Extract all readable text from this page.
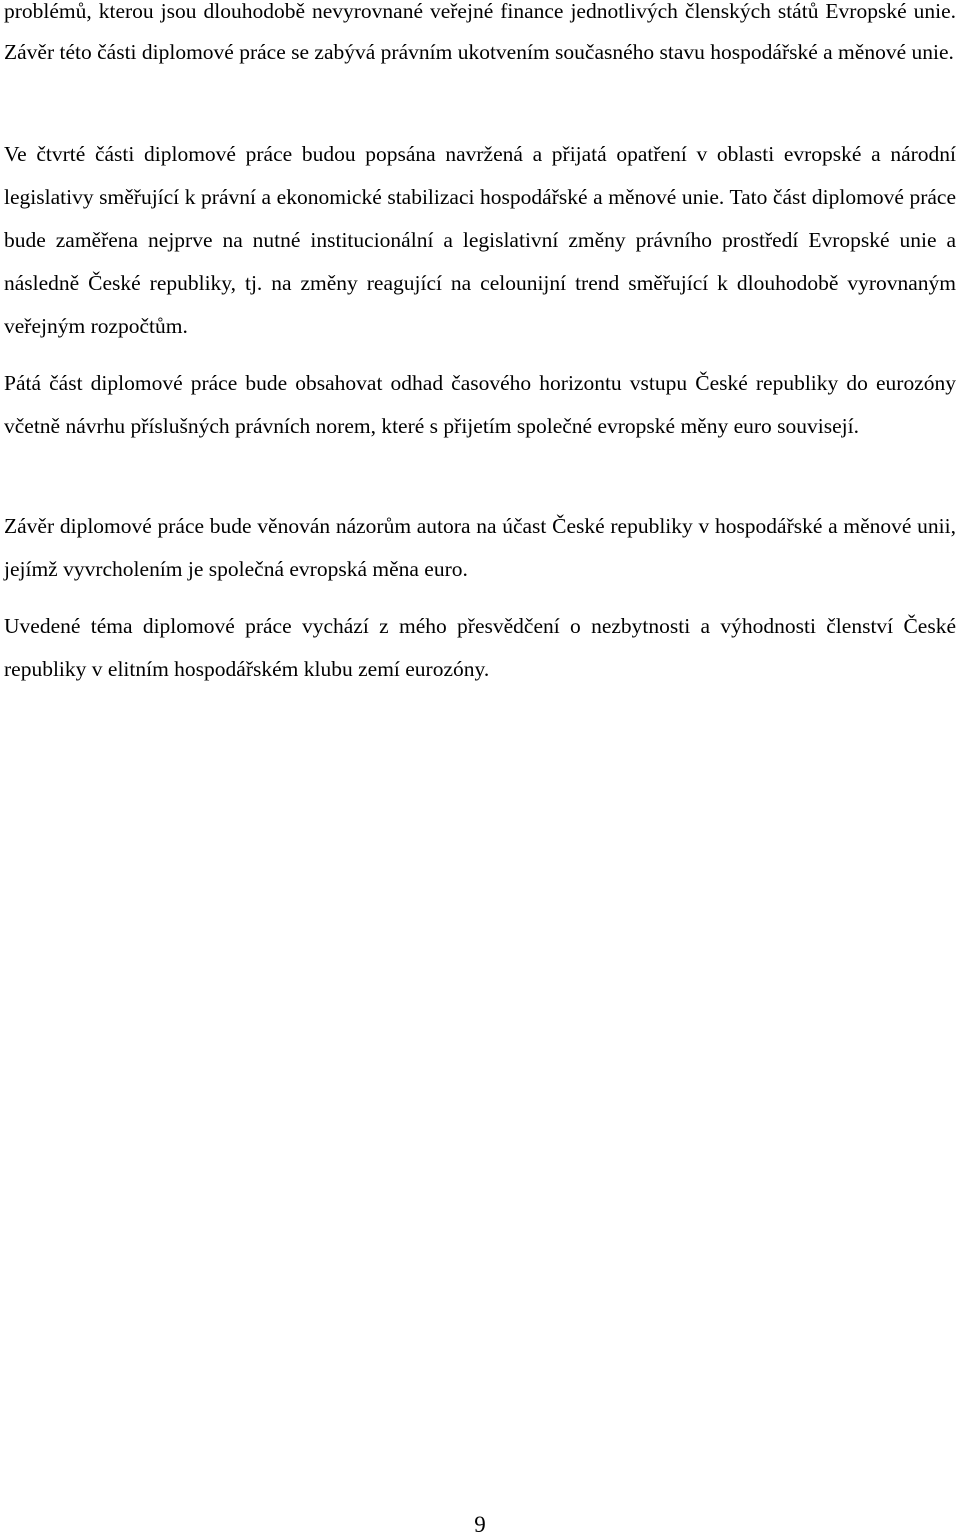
problémů, kterou jsou dlouhodobě nevyrovnané veřejné finance jednotlivých členských států Evropské unie. Závěr této části diplomové práce se zabývá právním ukotvením současného stavu hospodářské a měnové unie.

Ve čtvrté části diplomové práce budou popsána navržená a přijatá opatření v oblasti evropské a národní legislativy směřující k právní a ekonomické stabilizaci hospodářské a měnové unie. Tato část diplomové práce bude zaměřena nejprve na nutné institucionální a legislativní změny právního prostředí Evropské unie a následně České republiky, tj. na změny reagující na celounijní trend směřující k dlouhodobě vyrovnaným veřejným rozpočtům.

Pátá část diplomové práce bude obsahovat odhad časového horizontu vstupu České republiky do eurozóny včetně návrhu příslušných právních norem, které s přijetím společné evropské měny euro souvisejí.

Závěr diplomové práce bude věnován názorům autora na účast České republiky v hospodářské a měnové unii, jejímž vyvrcholením je společná evropská měna euro.

Uvedené téma diplomové práce vychází z mého přesvědčení o nezbytnosti a výhodnosti členství České republiky v elitním hospodářském klubu zemí eurozóny.

9
